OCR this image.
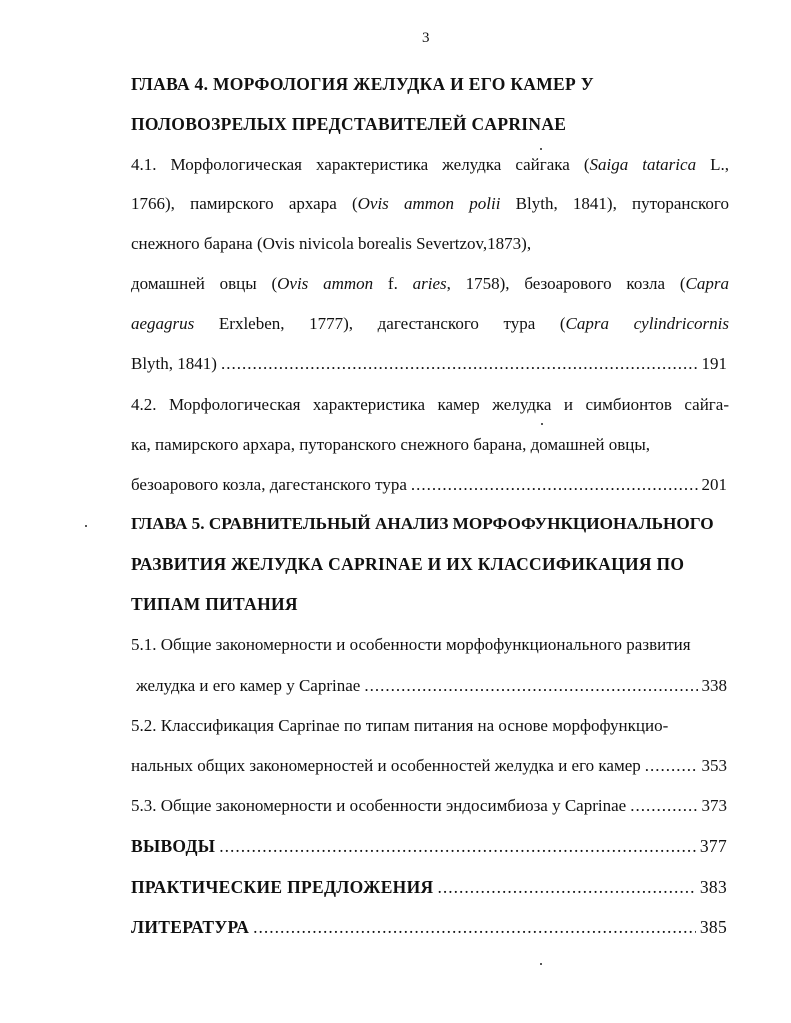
3

ГЛАВА 4. МОРФОЛОГИЯ ЖЕЛУДКА И ЕГО КАМЕР У

ПОЛОВОЗРЕЛЫХ ПРЕДСТАВИТЕЛЕЙ CAPRINAE

4.1. Морфологическая характеристика желудка сайгака (Saiga tatarica L.,

1766), памирского архара (Ovis ammon polii Blyth, 1841), путоранского

снежного барана (Ovis nivicola borealis Severtzov,1873),

домашней овцы (Ovis ammon f. aries, 1758), безоарового козла (Capra

aegagrus Erxleben, 1777), дагестанского тура (Capra cylindricornis

Blyth, 1841) .....	191

4.2. Морфологическая характеристика камер желудка и симбионтов сайга-

ка, памирского архара, путоранского снежного барана, домашней овцы,

безоарового козла, дагестанского тура .....	201

ГЛАВА 5. СРАВНИТЕЛЬНЫЙ АНАЛИЗ МОРФОФУНКЦИОНАЛЬНОГО

РАЗВИТИЯ ЖЕЛУДКА CAPRINAE И ИХ КЛАССИФИКАЦИЯ ПО

ТИПАМ ПИТАНИЯ

5.1. Общие закономерности и особенности морфофункционального развития

желудка и его камер у Caprinae .....	338

5.2. Классификация Caprinae по типам питания на основе морфофункцио-

нальных общих закономерностей и особенностей желудка и его камер .....	353
5.3. Общие закономерности и особенности эндосимбиоза у Caprinae .....	373
ВЫВОДЫ .....	377
ПРАКТИЧЕСКИЕ ПРЕДЛОЖЕНИЯ .....	383
ЛИТЕРАТУРА .....	385
